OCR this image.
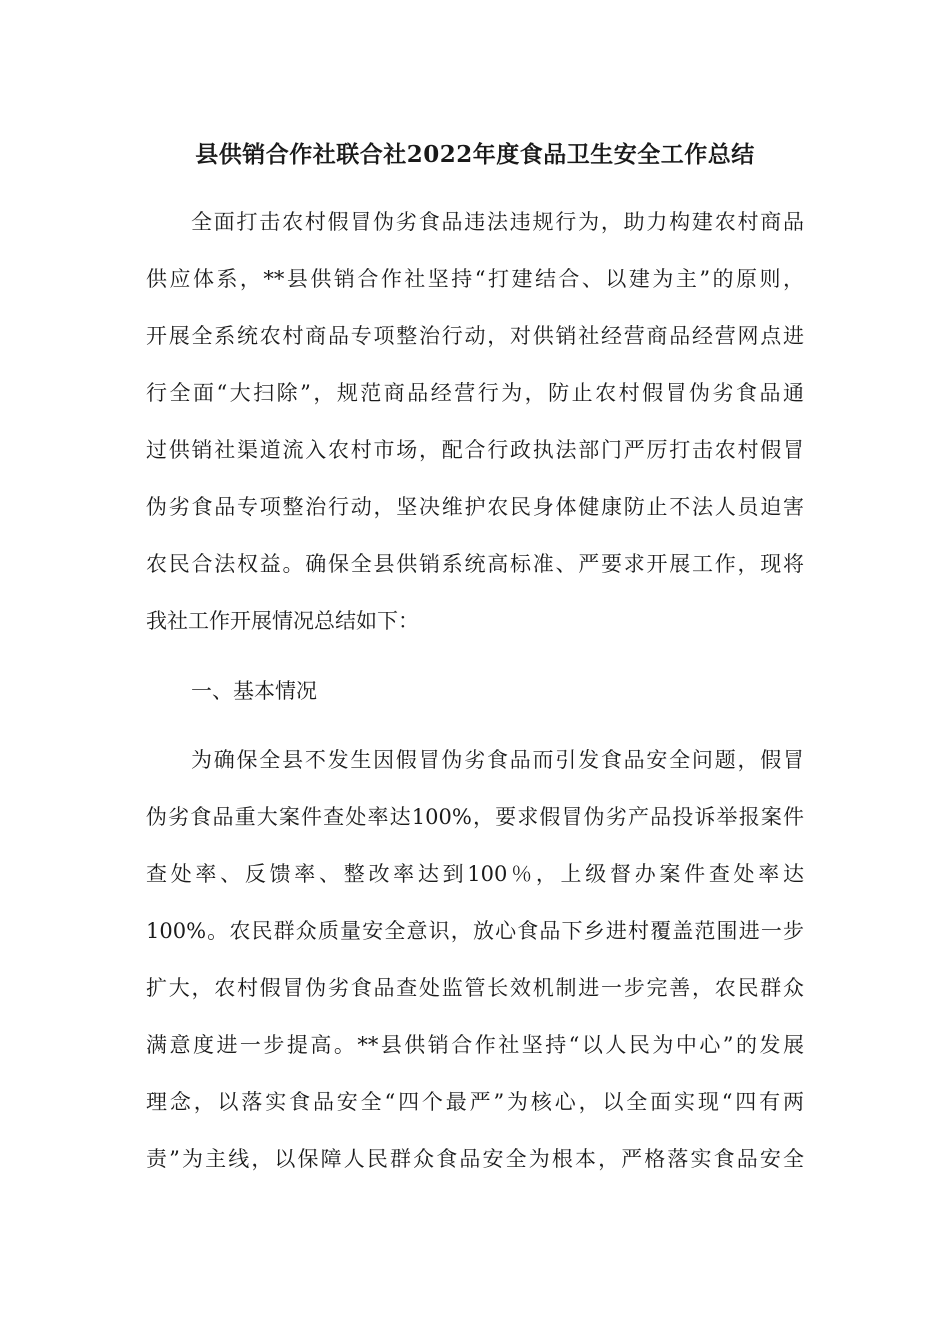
县供销合作社联合社2022年度食品卫生安全工作总结
全面打击农村假冒伪劣食品违法违规行为，助力构建农村商品
供应体系，**县供销合作社坚持“打建结合、以建为主”的原则，
开展全系统农村商品专项整治行动，对供销社经营商品经营网点进
行全面“大扫除”，规范商品经营行为，防止农村假冒伪劣食品通
过供销社渠道流入农村市场，配合行政执法部门严厉打击农村假冒
伪劣食品专项整治行动，坚决维护农民身体健康防止不法人员迫害
农民合法权益。确保全县供销系统高标准、严要求开展工作，现将
我社工作开展情况总结如下：
一、基本情况
为确保全县不发生因假冒伪劣食品而引发食品安全问题，假冒
伪劣食品重大案件查处率达100%，要求假冒伪劣产品投诉举报案件
查处率、反馈率、整改率达到100％，上级督办案件查处率达
100%。农民群众质量安全意识，放心食品下乡进村覆盖范围进一步
扩大，农村假冒伪劣食品查处监管长效机制进一步完善，农民群众
满意度进一步提高。**县供销合作社坚持“以人民为中心”的发展
理念，以落实食品安全“四个最严”为核心，以全面实现“四有两
责”为主线，以保障人民群众食品安全为根本，严格落实食品安全
